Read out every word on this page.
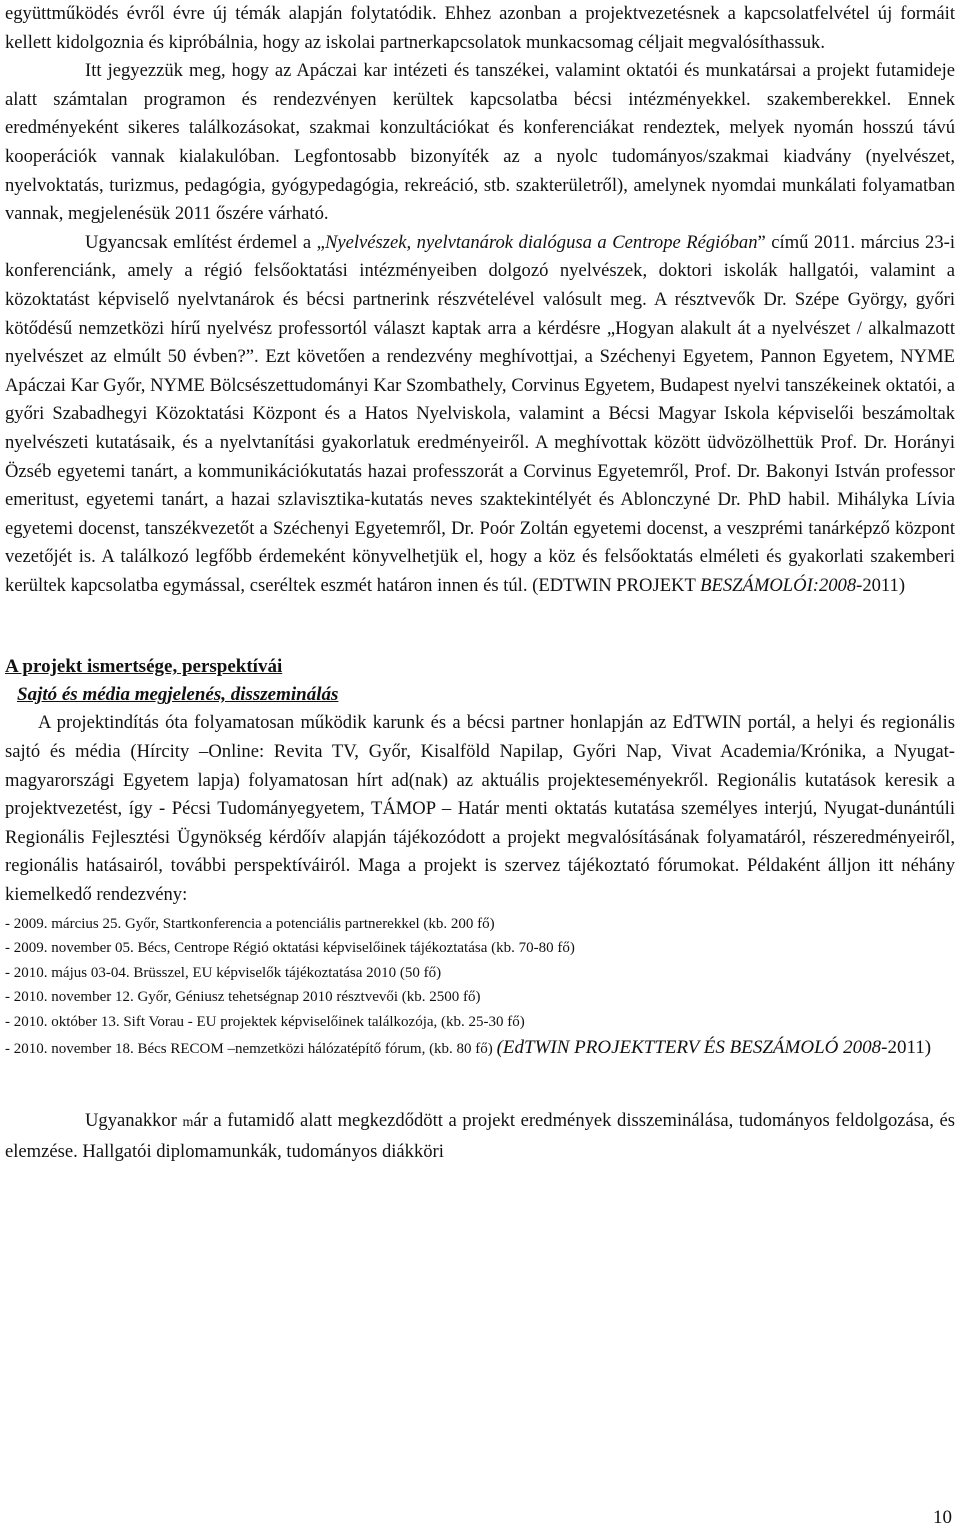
együttműködés évről évre új témák alapján folytatódik. Ehhez azonban a projektvezetésnek a kapcsolatfelvétel új formáit kellett kidolgoznia és kipróbálnia, hogy az iskolai partnerkapcsolatok munkacsomag céljait megvalósíthassuk.

Itt jegyezzük meg, hogy az Apáczai kar intézeti és tanszékei, valamint oktatói és munkatársai a projekt futamideje alatt számtalan programon és rendezvényen kerültek kapcsolatba bécsi intézményekkel. szakemberekkel. Ennek eredményeként sikeres találkozásokat, szakmai konzultációkat és konferenciákat rendeztek, melyek nyomán hosszú távú kooperációk vannak kialakulóban. Legfontosabb bizonyíték az a nyolc tudományos/szakmai kiadvány (nyelvészet, nyelvoktatás, turizmus, pedagógia, gyógypedagógia, rekreáció, stb. szakterületről), amelynek nyomdai munkálati folyamatban vannak, megjelenésük 2011 őszére várható.

Ugyancsak említést érdemel a „Nyelvészek, nyelvtanárok dialógusa a Centrope Régióban” című 2011. március 23-i konferenciánk, amely a régió felsőoktatási intézményeiben dolgozó nyelvészek, doktori iskolák hallgatói, valamint a közoktatást képviselő nyelvtanárok és bécsi partnerink részvételével valósult meg. A résztvevők Dr. Szépe György, győri kötődésű nemzetközi hírű nyelvész professortól választ kaptak arra a kérdésre „Hogyan alakult át a nyelvészet / alkalmazott nyelvészet az elmúlt 50 évben?”. Ezt követően a rendezvény meghívottjai, a Széchenyi Egyetem, Pannon Egyetem, NYME Apáczai Kar Győr, NYME Bölcsészettudományi Kar Szombathely, Corvinus Egyetem, Budapest nyelvi tanszékeinek oktatói, a győri Szabadhegyi Közoktatási Központ és a Hatos Nyelviskola, valamint a Bécsi Magyar Iskola képviselői beszámoltak nyelvészeti kutatásaik, és a nyelvtanítási gyakorlatuk eredményeiről. A meghívottak között üdvözölhettük Prof. Dr. Horányi Özséb egyetemi tanárt, a kommunikációkutatás hazai professzorát a Corvinus Egyetemről, Prof. Dr. Bakonyi István professor emeritust, egyetemi tanárt, a hazai szlavisztika-kutatás neves szaktekintélyét és Ablonczyné Dr. PhD habil. Mihályka Lívia egyetemi docenst, tanszékvezetőt a Széchenyi Egyetemről, Dr. Poór Zoltán egyetemi docenst, a veszprémi tanárképző központ vezetőjét is. A találkozó legfőbb érdemeként könyvelhetjük el, hogy a köz és felsőoktatás elméleti és gyakorlati szakemberi kerültek kapcsolatba egymással, cseréltek eszmét határon innen és túl. (EDTWIN PROJEKT BESZÁMOLÓI:2008-2011)

A projekt ismertsége, perspektívái
Sajtó és média megjelenés, disszeminálás

A projektindítás óta folyamatosan működik karunk és a bécsi partner honlapján az EdTWIN portál, a helyi és regionális sajtó és média (Hírcity –Online: Revita TV, Győr, Kisalföld Napilap, Győri Nap, Vivat Academia/Krónika, a Nyugat-magyarországi Egyetem lapja) folyamatosan hírt ad(nak) az aktuális projekteseményekről. Regionális kutatások keresik a projektvezetést, így - Pécsi Tudományegyetem, TÁMOP – Határ menti oktatás kutatása személyes interjú, Nyugat-dunántúli Regionális Fejlesztési Ügynökség kérdőív alapján tájékozódott a projekt megvalósításának folyamatáról, részeredményeiről, regionális hatásairól, további perspektíváiról. Maga a projekt is szervez tájékoztató fórumokat. Példaként álljon itt néhány kiemelkedő rendezvény:

- 2009. március 25. Győr, Startkonferencia a potenciális partnerekkel (kb. 200 fő)
- 2009. november 05. Bécs, Centrope Régió oktatási képviselőinek tájékoztatása (kb. 70-80 fő)
- 2010. május 03-04. Brüsszel, EU képviselők tájékoztatása 2010 (50 fő)
- 2010. november 12. Győr, Géniusz tehetségnap 2010 résztvevői (kb. 2500 fő)
- 2010. október 13. Sift Vorau - EU projektek képviselőinek találkozója, (kb. 25-30 fő)
- 2010. november 18. Bécs RECOM –nemzetközi hálózatépítő fórum, (kb. 80 fő) (EdTWIN PROJEKTTERV ÉS BESZÁMOLÓ 2008-2011)

Ugyanakkor már a futamidő alatt megkezdődött a projekt eredmények disszeminálása, tudományos feldolgozása, és elemzése. Hallgatói diplomamunkák, tudományos diákköri

10
